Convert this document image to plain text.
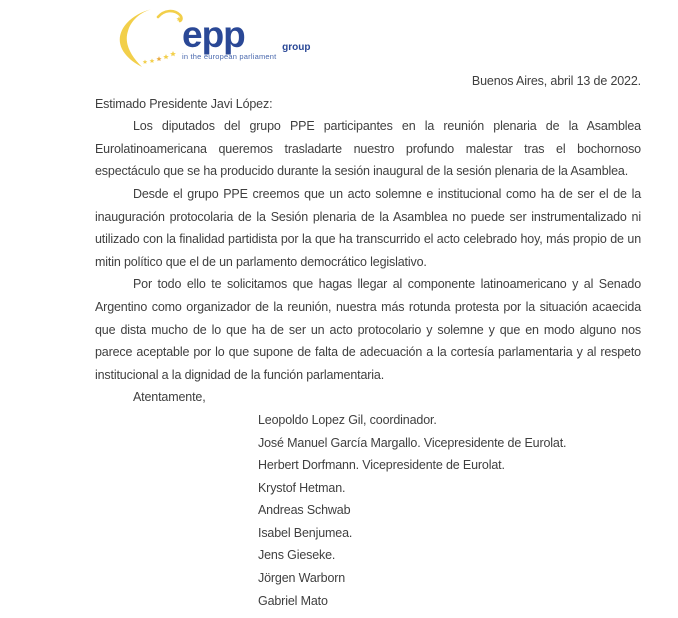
epp	group
in the european parliament
Buenos Aires, abril 13 de 2022.
Estimado Presidente Javi López:

Los diputados del grupo PPE participantes en la reunión plenaria de la Asamblea Eurolatinoamericana queremos trasladarte nuestro profundo malestar tras el bochornoso espectáculo que se ha producido durante la sesión inaugural de la sesión plenaria de la Asamblea.

Desde el grupo PPE creemos que un acto solemne e institucional como ha de ser el de la inauguración protocolaria de la Sesión plenaria de la Asamblea no puede ser instrumentalizado ni utilizado con la finalidad partidista por la que ha transcurrido el acto celebrado hoy, más propio de un mitin político que el de un parlamento democrático legislativo.

Por todo ello te solicitamos que hagas llegar al componente latinoamericano y al Senado Argentino como organizador de la reunión, nuestra más rotunda protesta por la situación acaecida que dista mucho de lo que ha de ser un acto protocolario y solemne y que en modo alguno nos parece aceptable por lo que supone de falta de adecuación a la cortesía parlamentaria y al respeto institucional a la dignidad de la función parlamentaria.

Atentamente,
Leopoldo Lopez Gil, coordinador.
José Manuel García Margallo. Vicepresidente de Eurolat.
Herbert Dorfmann. Vicepresidente de Eurolat.
Krystof Hetman.
Andreas Schwab
Isabel Benjumea.
Jens Gieseke.
Jörgen Warborn
Gabriel Mato
